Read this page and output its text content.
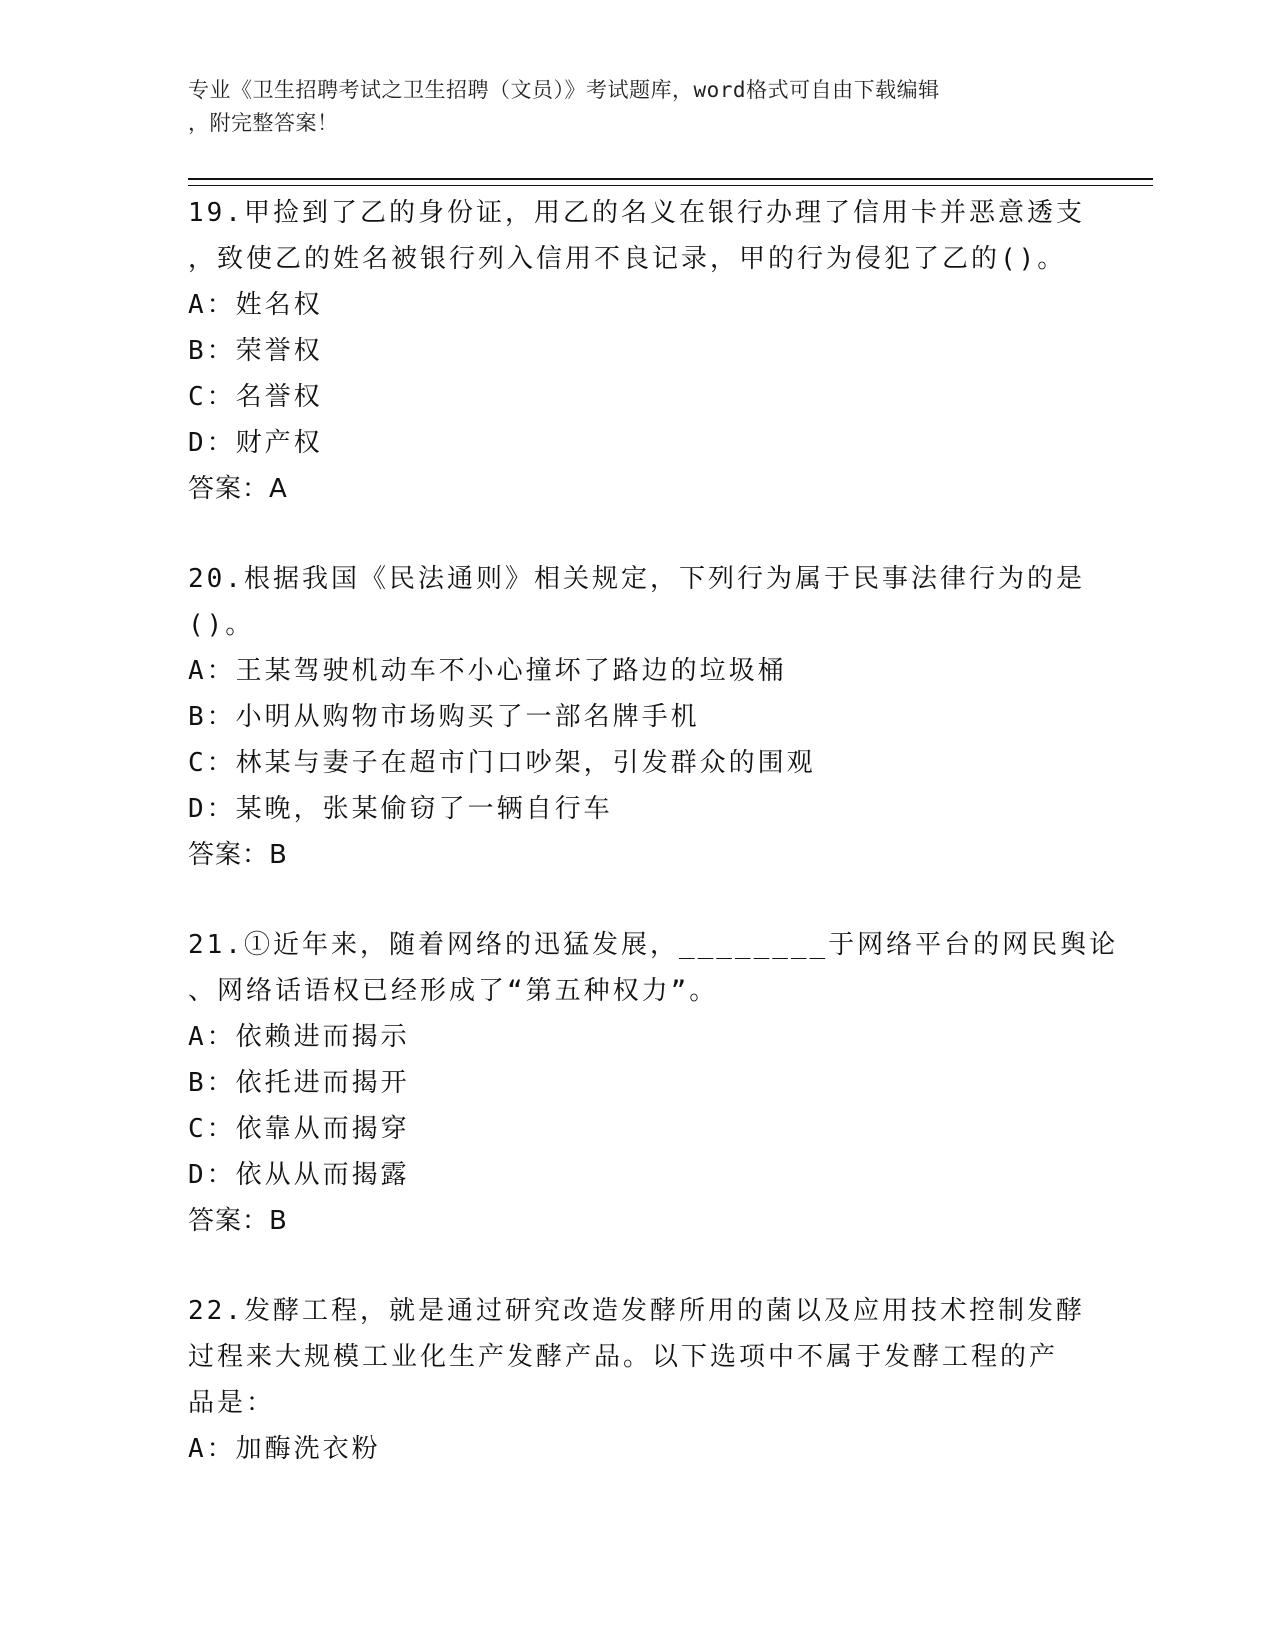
专业《卫生招聘考试之卫生招聘（文员）》考试题库，word格式可自由下载编辑
，附完整答案！
19.甲捡到了乙的身份证，用乙的名义在银行办理了信用卡并恶意透支
，致使乙的姓名被银行列入信用不良记录，甲的行为侵犯了乙的()。
A：姓名权
B：荣誉权
C：名誉权
D：财产权
答案：A
20.根据我国《民法通则》相关规定，下列行为属于民事法律行为的是
()。
A：王某驾驶机动车不小心撞坏了路边的垃圾桶
B：小明从购物市场购买了一部名牌手机
C：林某与妻子在超市门口吵架，引发群众的围观
D：某晚，张某偷窃了一辆自行车
答案：B
21.①近年来，随着网络的迅猛发展，________于网络平台的网民舆论
、网络话语权已经形成了“第五种权力”。
A：依赖进而揭示
B：依托进而揭开
C：依靠从而揭穿
D：依从从而揭露
答案：B
22.发酵工程，就是通过研究改造发酵所用的菌以及应用技术控制发酵
过程来大规模工业化生产发酵产品。以下选项中不属于发酵工程的产
品是：
A：加酶洗衣粉
